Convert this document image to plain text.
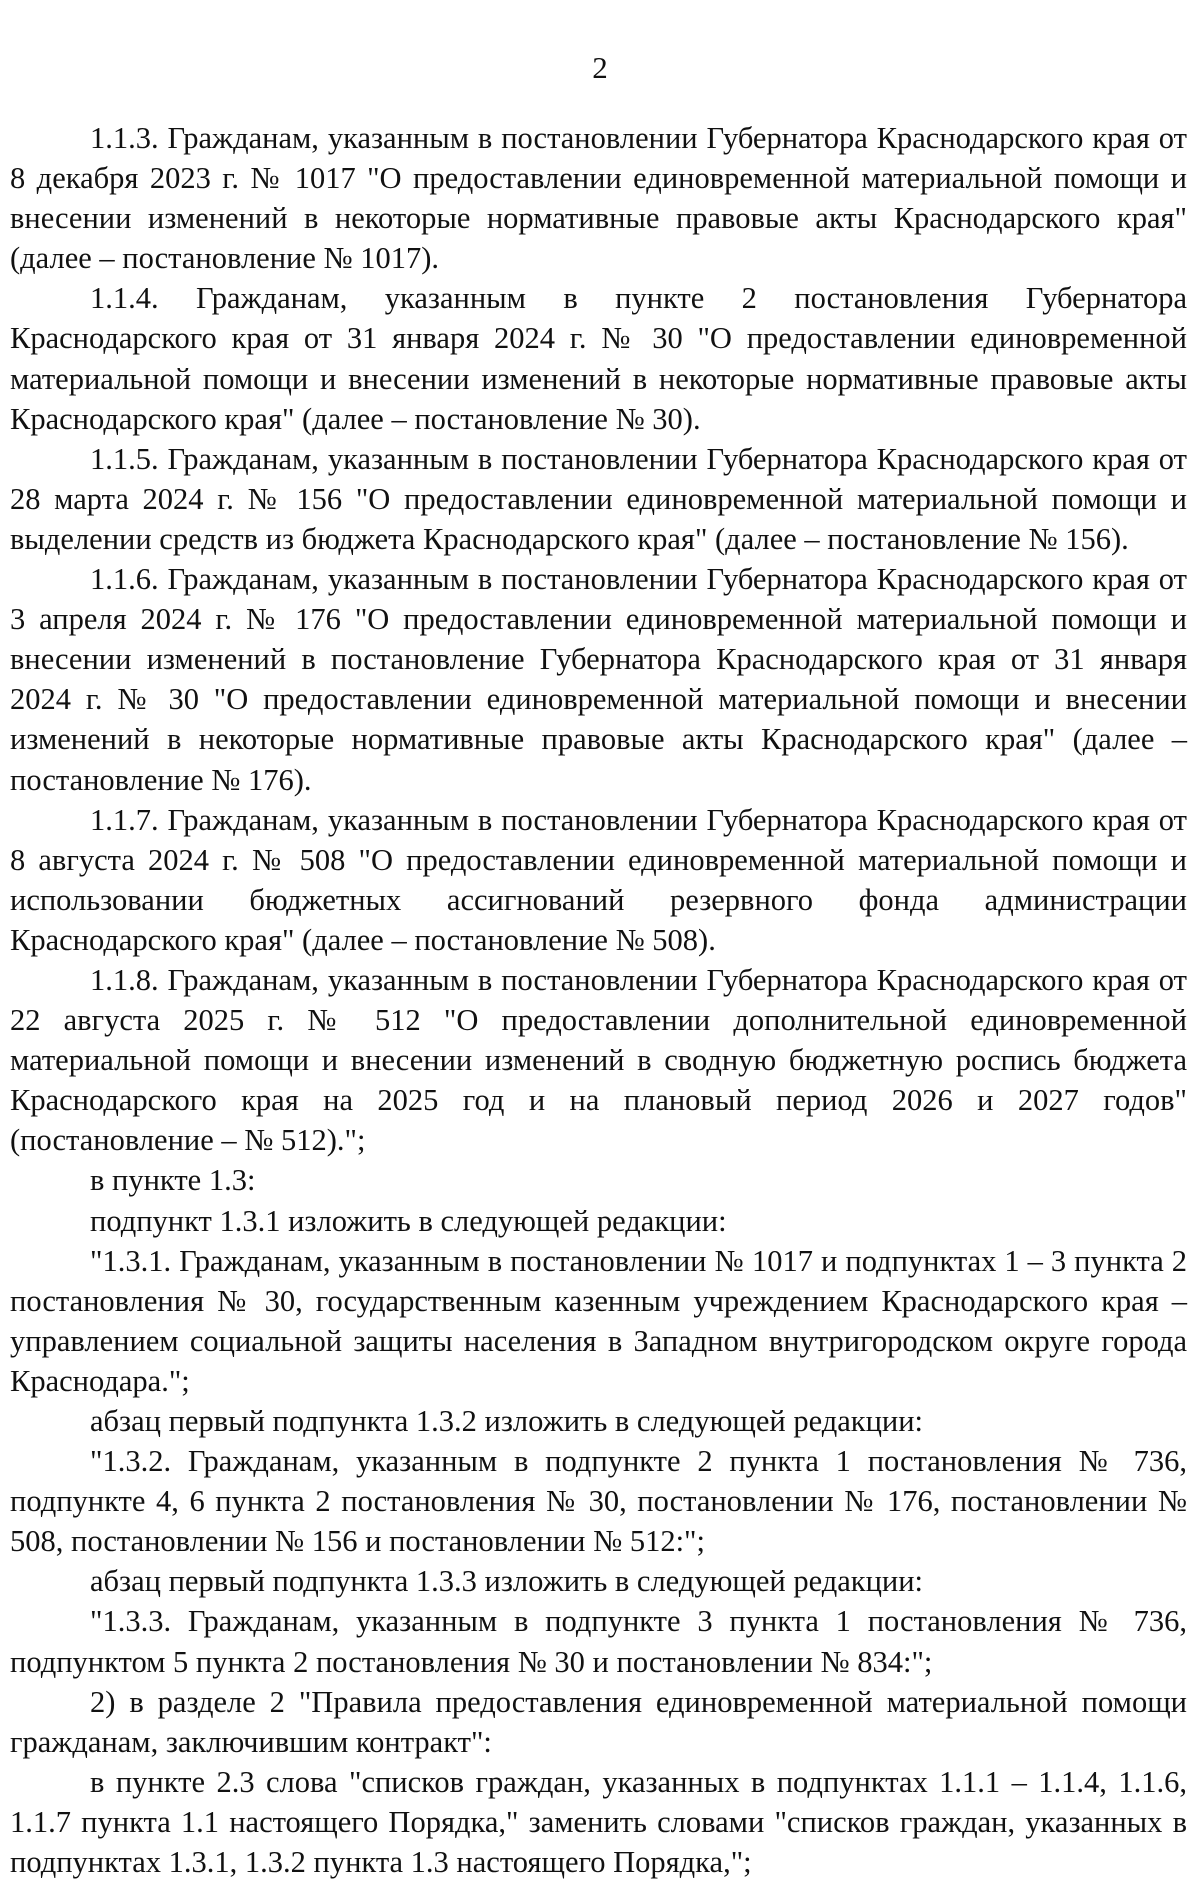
2

1.1.3. Гражданам, указанным в постановлении Губернатора Краснодарского края от 8 декабря 2023 г. № 1017 "О предоставлении единовременной материальной помощи и внесении изменений в некоторые нормативные правовые акты Краснодарского края" (далее – постановление № 1017).

1.1.4. Гражданам, указанным в пункте 2 постановления Губернатора Краснодарского края от 31 января 2024 г. № 30 "О предоставлении единовременной материальной помощи и внесении изменений в некоторые нормативные правовые акты Краснодарского края" (далее – постановление № 30).

1.1.5. Гражданам, указанным в постановлении Губернатора Краснодарского края от 28 марта 2024 г. № 156 "О предоставлении единовременной материальной помощи и выделении средств из бюджета Краснодарского края" (далее – постановление № 156).

1.1.6. Гражданам, указанным в постановлении Губернатора Краснодарского края от 3 апреля 2024 г. № 176 "О предоставлении единовременной материальной помощи и внесении изменений в постановление Губернатора Краснодарского края от 31 января 2024 г. № 30 "О предоставлении единовременной материальной помощи и внесении изменений в некоторые нормативные правовые акты Краснодарского края" (далее – постановление № 176).

1.1.7. Гражданам, указанным в постановлении Губернатора Краснодарского края от 8 августа 2024 г. № 508 "О предоставлении единовременной материальной помощи и использовании бюджетных ассигнований резервного фонда администрации Краснодарского края" (далее – постановление № 508).

1.1.8. Гражданам, указанным в постановлении Губернатора Краснодарского края от 22 августа 2025 г. № 512 "О предоставлении дополнительной единовременной материальной помощи и внесении изменений в сводную бюджетную роспись бюджета Краснодарского края на 2025 год и на плановый период 2026 и 2027 годов" (постановление – № 512).";

в пункте 1.3:

подпункт 1.3.1 изложить в следующей редакции:

"1.3.1. Гражданам, указанным в постановлении № 1017 и подпунктах 1 – 3 пункта 2 постановления № 30, государственным казенным учреждением Краснодарского края – управлением социальной защиты населения в Западном внутригородском округе города Краснодара.";

абзац первый подпункта 1.3.2 изложить в следующей редакции:

"1.3.2. Гражданам, указанным в подпункте 2 пункта 1 постановления № 736, подпункте 4, 6 пункта 2 постановления № 30, постановлении № 176, постановлении № 508, постановлении № 156 и постановлении № 512:";

абзац первый подпункта 1.3.3 изложить в следующей редакции:

"1.3.3. Гражданам, указанным в подпункте 3 пункта 1 постановления № 736, подпунктом 5 пункта 2 постановления № 30 и постановлении № 834:";

2) в разделе 2 "Правила предоставления единовременной материальной помощи гражданам, заключившим контракт":

в пункте 2.3 слова "списков граждан, указанных в подпунктах 1.1.1 – 1.1.4, 1.1.6, 1.1.7 пункта 1.1 настоящего Порядка," заменить словами "списков граждан, указанных в подпунктах 1.3.1, 1.3.2 пункта 1.3 настоящего Порядка,";
